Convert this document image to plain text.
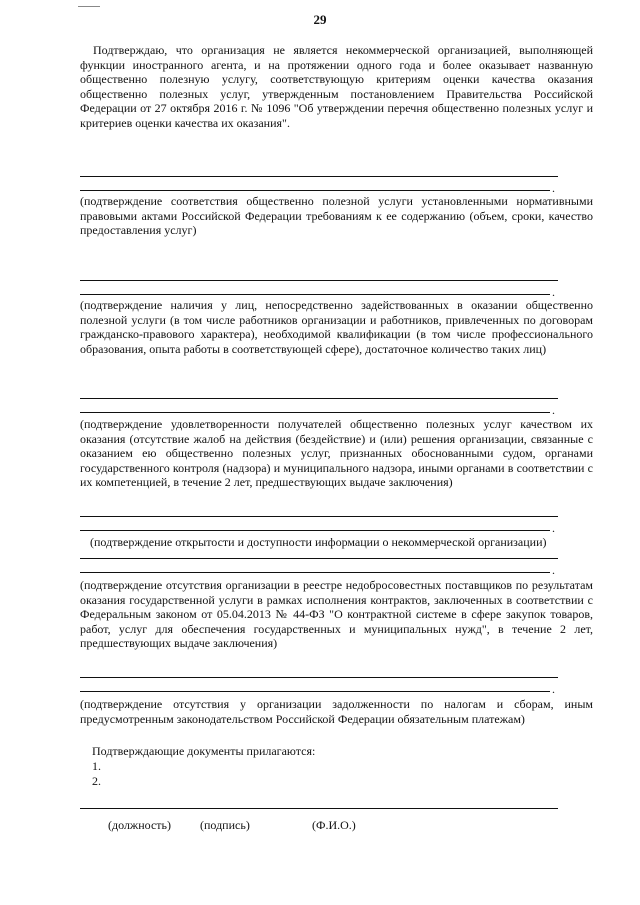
29

Подтверждаю, что организация не является некоммерческой организацией, выполняющей функции иностранного агента, и на протяжении одного года и более оказывает названную общественно полезную услугу, соответствующую критериям оценки качества оказания общественно полезных услуг, утвержденным постановлением Правительства Российской Федерации от 27 октября 2016 г. № 1096 "Об утверждении перечня общественно полезных услуг и критериев оценки качества их оказания".

.

(подтверждение соответствия общественно полезной услуги установленными нормативными правовыми актами Российской Федерации требованиям к ее содержанию (объем, сроки, качество предоставления услуг)

.

(подтверждение наличия у лиц, непосредственно задействованных в оказании общественно полезной услуги (в том числе работников организации и работников, привлеченных по договорам гражданско-правового характера), необходимой квалификации (в том числе профессионального образования, опыта работы в соответствующей сфере), достаточное количество таких лиц)

.

(подтверждение удовлетворенности получателей общественно полезных услуг качеством их оказания (отсутствие жалоб на действия (бездействие) и (или) решения организации, связанные с оказанием ею общественно полезных услуг, признанных обоснованными судом, органами государственного контроля (надзора) и муниципального надзора, иными органами в соответствии с их компетенцией, в течение 2 лет, предшествующих выдаче заключения)

.

(подтверждение открытости и доступности информации о некоммерческой организации)

.

(подтверждение отсутствия организации в реестре недобросовестных поставщиков по результатам оказания государственной услуги в рамках исполнения контрактов, заключенных в соответствии с Федеральным законом от 05.04.2013 № 44-ФЗ "О контрактной системе в сфере закупок товаров, работ, услуг для обеспечения государственных и муниципальных нужд", в течение 2 лет, предшествующих выдаче заключения)

.

(подтверждение отсутствия у организации задолженности по налогам и сборам, иным предусмотренным законодательством Российской Федерации обязательным платежам)

Подтверждающие документы прилагаются:
1.
2.
(должность) (подпись)	(Ф.И.О.)
